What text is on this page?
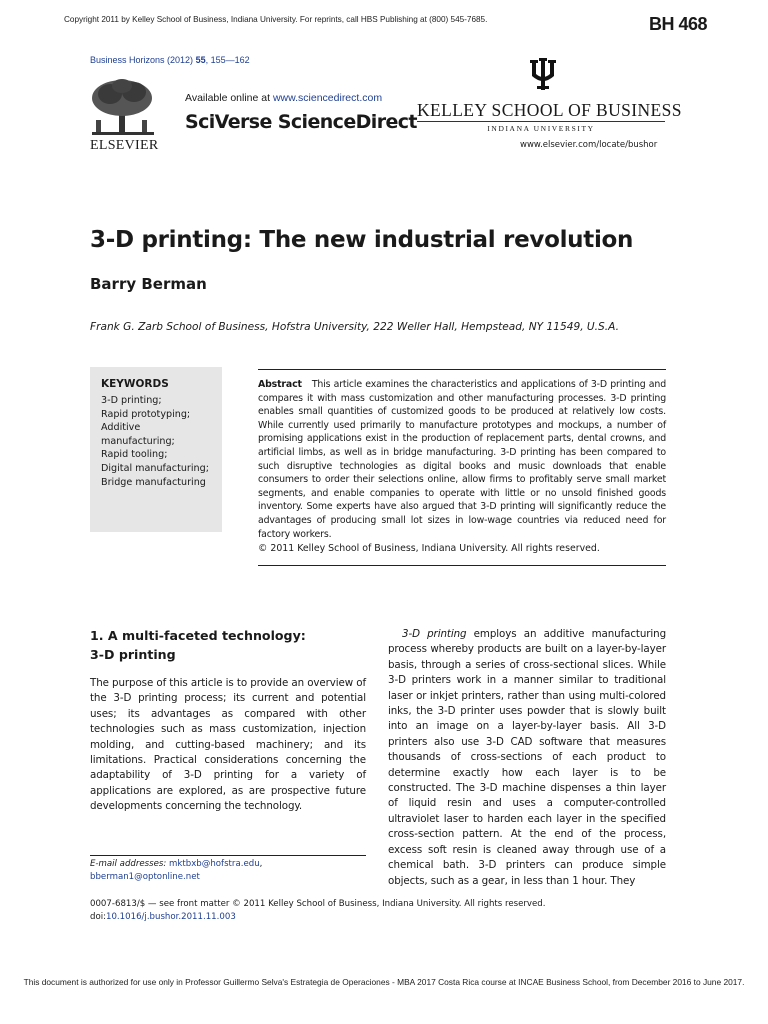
Copyright 2011 by Kelley School of Business, Indiana University. For reprints, call HBS Publishing at (800) 545-7685.	BH 468
Business Horizons (2012) 55, 155—162
ELSEVIER
Available online at www.sciencedirect.com
SciVerse ScienceDirect
KELLEY SCHOOL OF BUSINESS
INDIANA UNIVERSITY
www.elsevier.com/locate/bushor
3-D printing: The new industrial revolution
Barry Berman
Frank G. Zarb School of Business, Hofstra University, 222 Weller Hall, Hempstead, NY 11549, U.S.A.
KEYWORDS
3-D printing;
Rapid prototyping;
Additive
manufacturing;
Rapid tooling;
Digital manufacturing;
Bridge manufacturing
Abstract This article examines the characteristics and applications of 3-D printing and compares it with mass customization and other manufacturing processes. 3-D printing enables small quantities of customized goods to be produced at relatively low costs. While currently used primarily to manufacture prototypes and mockups, a number of promising applications exist in the production of replacement parts, dental crowns, and artificial limbs, as well as in bridge manufacturing. 3-D printing has been compared to such disruptive technologies as digital books and music downloads that enable consumers to order their selections online, allow firms to profitably serve small market segments, and enable companies to operate with little or no unsold finished goods inventory. Some experts have also argued that 3-D printing will significantly reduce the advantages of producing small lot sizes in low-wage countries via reduced need for factory workers.
© 2011 Kelley School of Business, Indiana University. All rights reserved.
1. A multi-faceted technology:
3-D printing
The purpose of this article is to provide an overview of the 3-D printing process; its current and potential uses; its advantages as compared with other technologies such as mass customization, injection molding, and cutting-based machinery; and its limitations. Practical considerations concerning the adaptability of 3-D printing for a variety of applications are explored, as are prospective future developments concerning the technology.
3-D printing employs an additive manufacturing process whereby products are built on a layer-by-layer basis, through a series of cross-sectional slices. While 3-D printers work in a manner similar to traditional laser or inkjet printers, rather than using multi-colored inks, the 3-D printer uses powder that is slowly built into an image on a layer-by-layer basis. All 3-D printers also use 3-D CAD software that measures thousands of cross-sections of each product to determine exactly how each layer is to be constructed. The 3-D machine dispenses a thin layer of liquid resin and uses a computer-controlled ultraviolet laser to harden each layer in the specified cross-section pattern. At the end of the process, excess soft resin is cleaned away through use of a chemical bath. 3-D printers can produce simple objects, such as a gear, in less than 1 hour. They
E-mail addresses: mktbxb@hofstra.edu,
bberman1@optonline.net
0007-6813/$ — see front matter © 2011 Kelley School of Business, Indiana University. All rights reserved.
doi:10.1016/j.bushor.2011.11.003
This document is authorized for use only in Professor Guillermo Selva's Estrategia de Operaciones - MBA 2017 Costa Rica course at INCAE Business School, from December 2016 to June 2017.
